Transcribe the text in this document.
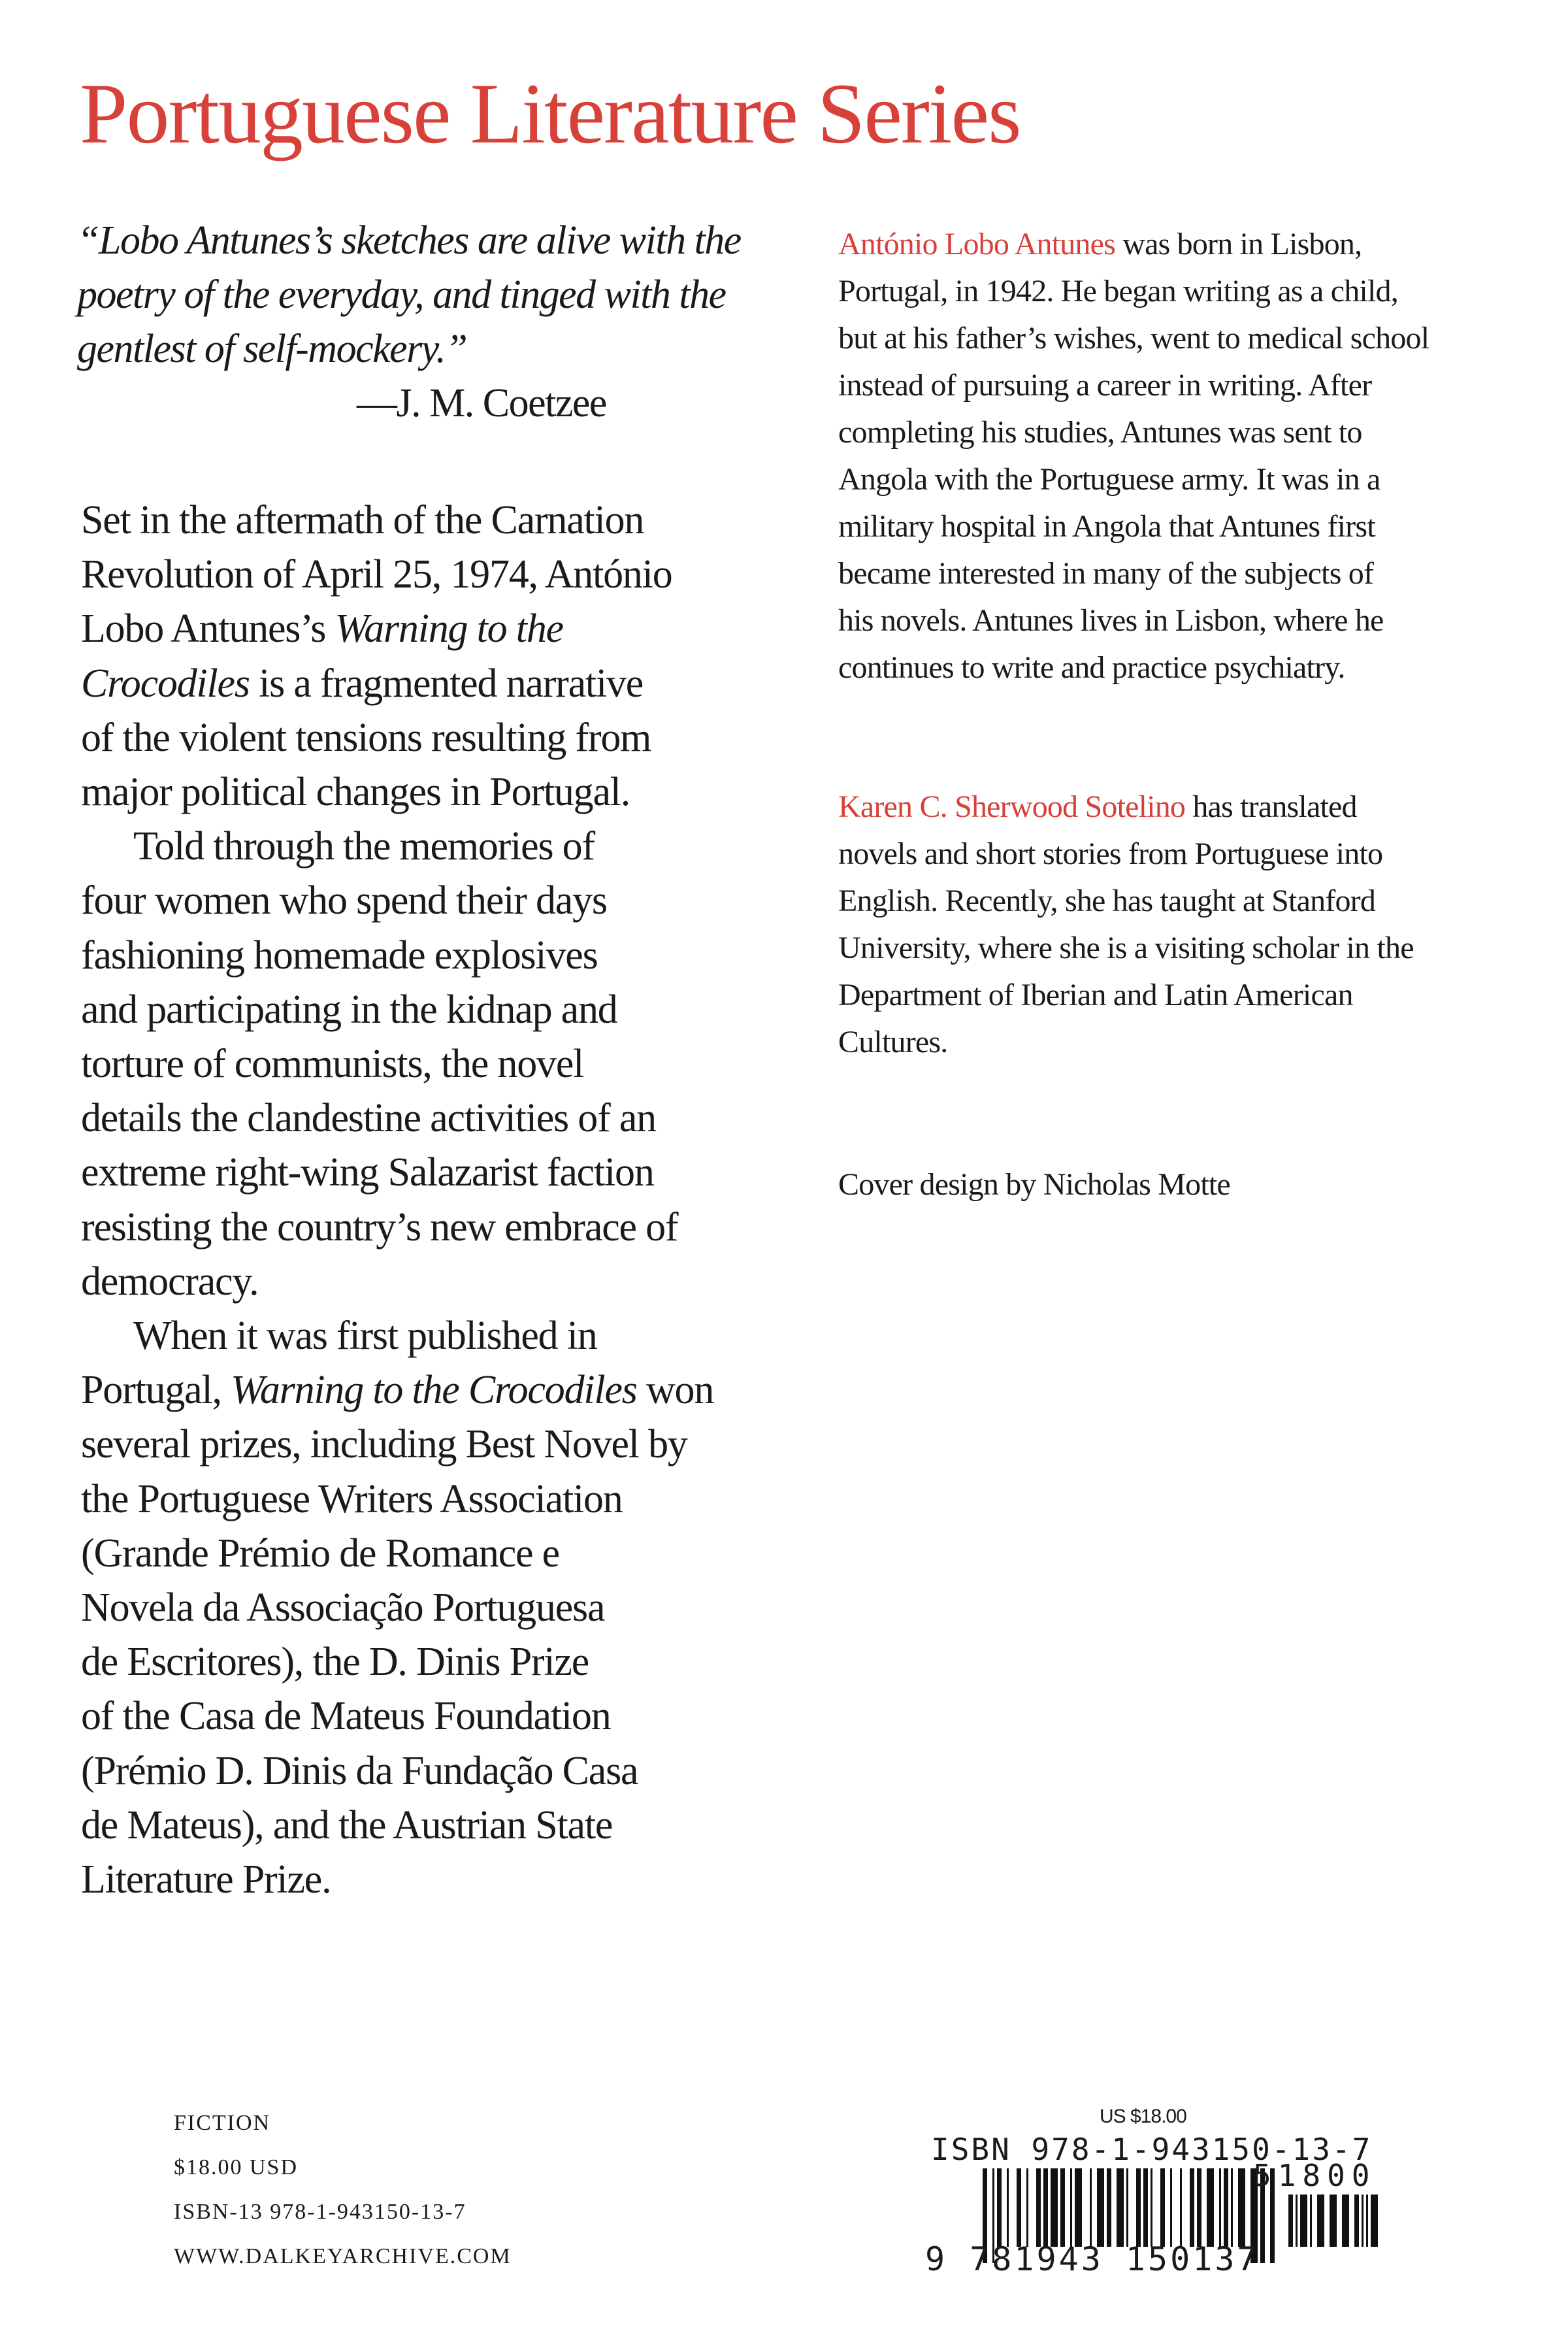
Portuguese Literature Series
“Lobo Antunes’s sketches are alive with the
poetry of the everyday, and tinged with the
gentlest of self-mockery.”
—J. M. Coetzee
Set in the aftermath of the Carnation
Revolution of April 25, 1974, António
Lobo Antunes’s Warning to the
Crocodiles is a fragmented narrative
of the violent tensions resulting from
major political changes in Portugal.
Told through the memories of
four women who spend their days
fashioning homemade explosives
and participating in the kidnap and
torture of communists, the novel
details the clandestine activities of an
extreme right-wing Salazarist faction
resisting the country’s new embrace of
democracy.
When it was first published in
Portugal, Warning to the Crocodiles won
several prizes, including Best Novel by
the Portuguese Writers Association
(Grande Prémio de Romance e
Novela da Associação Portuguesa
de Escritores), the D. Dinis Prize
of the Casa de Mateus Foundation
(Prémio D. Dinis da Fundação Casa
de Mateus), and the Austrian State
Literature Prize.
António Lobo Antunes was born in Lisbon,
Portugal, in 1942. He began writing as a child,
but at his father’s wishes, went to medical school
instead of pursuing a career in writing. After
completing his studies, Antunes was sent to
Angola with the Portuguese army. It was in a
military hospital in Angola that Antunes first
became interested in many of the subjects of
his novels. Antunes lives in Lisbon, where he
continues to write and practice psychiatry.
Karen C. Sherwood Sotelino has translated
novels and short stories from Portuguese into
English. Recently, she has taught at Stanford
University, where she is a visiting scholar in the
Department of Iberian and Latin American
Cultures.
Cover design by Nicholas Motte
FICTION
$18.00 USD
ISBN-13 978-1-943150-13-7
WWW.DALKEYARCHIVE.COM
US $18.00
ISBN 978-1-943150-13-7
51800
9 781943 150137
